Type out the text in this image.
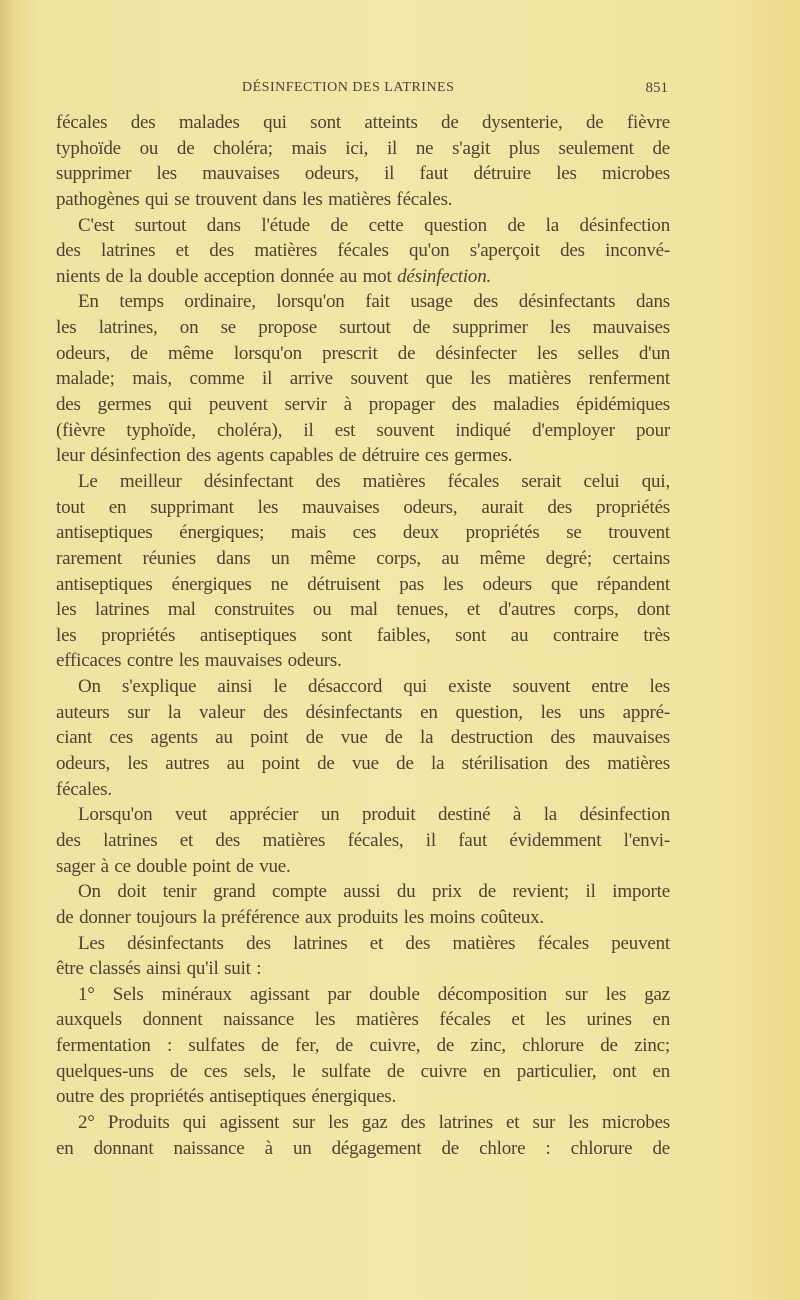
DÉSINFECTION DES LATRINES	851
fécales des malades qui sont atteints de dysenterie, de fièvre
typhoïde ou de choléra; mais ici, il ne s'agit plus seulement de
supprimer les mauvaises odeurs, il faut détruire les microbes
pathogènes qui se trouvent dans les matières fécales.
C'est surtout dans l'étude de cette question de la désinfection
des latrines et des matières fécales qu'on s'aperçoit des inconvé-
nients de la double acception donnée au mot désinfection.
En temps ordinaire, lorsqu'on fait usage des désinfectants dans
les latrines, on se propose surtout de supprimer les mauvaises
odeurs, de même lorsqu'on prescrit de désinfecter les selles d'un
malade; mais, comme il arrive souvent que les matières renferment
des germes qui peuvent servir à propager des maladies épidémiques
(fièvre typhoïde, choléra), il est souvent indiqué d'employer pour
leur désinfection des agents capables de détruire ces germes.
Le meilleur désinfectant des matières fécales serait celui qui,
tout en supprimant les mauvaises odeurs, aurait des propriétés
antiseptiques énergiques; mais ces deux propriétés se trouvent
rarement réunies dans un même corps, au même degré; certains
antiseptiques énergiques ne détruisent pas les odeurs que répandent
les latrines mal construites ou mal tenues, et d'autres corps, dont
les propriétés antiseptiques sont faibles, sont au contraire très
efficaces contre les mauvaises odeurs.
On s'explique ainsi le désaccord qui existe souvent entre les
auteurs sur la valeur des désinfectants en question, les uns appré-
ciant ces agents au point de vue de la destruction des mauvaises
odeurs, les autres au point de vue de la stérilisation des matières
fécales.
Lorsqu'on veut apprécier un produit destiné à la désinfection
des latrines et des matières fécales, il faut évidemment l'envi-
sager à ce double point de vue.
On doit tenir grand compte aussi du prix de revient; il importe
de donner toujours la préférence aux produits les moins coûteux.
Les désinfectants des latrines et des matières fécales peuvent
être classés ainsi qu'il suit :
1° Sels minéraux agissant par double décomposition sur les gaz
auxquels donnent naissance les matières fécales et les urines en
fermentation : sulfates de fer, de cuivre, de zinc, chlorure de zinc;
quelques-uns de ces sels, le sulfate de cuivre en particulier, ont en
outre des propriétés antiseptiques énergiques.
2° Produits qui agissent sur les gaz des latrines et sur les microbes
en donnant naissance à un dégagement de chlore : chlorure de
